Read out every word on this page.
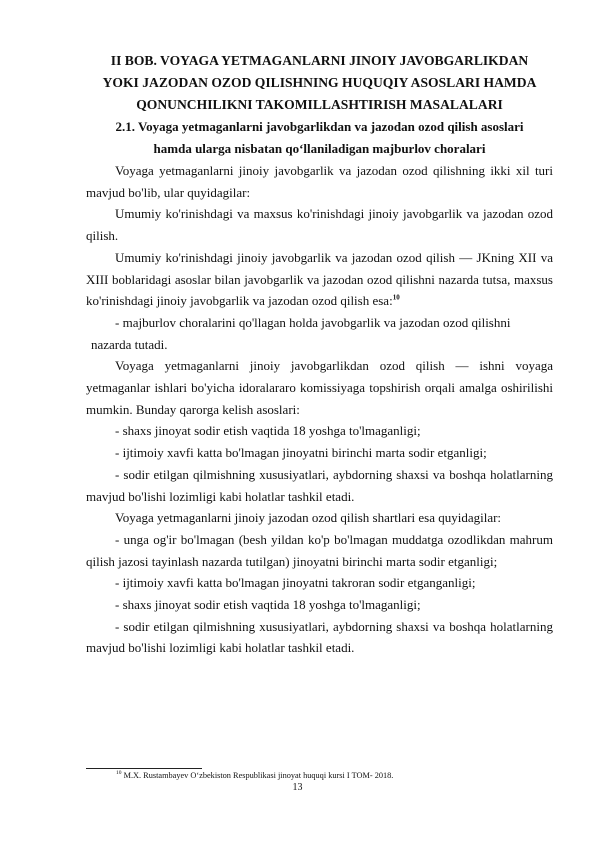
II BOB. VOYAGA YETMAGANLARNI JINOIY JAVOBGARLIKDAN
YOKI JAZODAN OZOD QILISHNING HUQUQIY ASOSLARI HAMDA
QONUNCHILIKNI TAKOMILLASHTIRISH MASALALARI
2.1. Voyaga yetmaganlarni javobgarlikdan va jazodan ozod qilish asoslari
hamda ularga nisbatan qo‘llaniladigan majburlov choralari

Voyaga yetmaganlarni jinoiy javobgarlik va jazodan ozod qilishning ikki xil turi mavjud bo'lib, ular quyidagilar:

Umumiy ko'rinishdagi va maxsus ko'rinishdagi jinoiy javobgarlik va jazodan ozod qilish.

Umumiy ko'rinishdagi jinoiy javobgarlik va jazodan ozod qilish — JKning XII va XIII boblaridagi asoslar bilan javobgarlik va jazodan ozod qilishni nazarda tutsa, maxsus ko'rinishdagi jinoiy javobgarlik va jazodan ozod qilish esa:$^{10}$

- majburlov choralarini qo'llagan holda javobgarlik va jazodan ozod qilishni

nazarda tutadi.

Voyaga yetmaganlarni jinoiy javobgarlikdan ozod qilish — ishni voyaga yetmaganlar ishlari bo'yicha idoralararo komissiyaga topshirish orqali amalga oshirilishi mumkin. Bunday qarorga kelish asoslari:

- shaxs jinoyat sodir etish vaqtida 18 yoshga to'lmaganligi;

- ijtimoiy xavfi katta bo'lmagan jinoyatni birinchi marta sodir etganligi;

- sodir etilgan qilmishning xususiyatlari, aybdorning shaxsi va boshqa holatlarning mavjud bo'lishi lozimligi kabi holatlar tashkil etadi.

Voyaga yetmaganlarni jinoiy jazodan ozod qilish shartlari esa quyidagilar:

- unga og'ir bo'lmagan (besh yildan ko'p bo'lmagan muddatga ozodlikdan mahrum qilish jazosi tayinlash nazarda tutilgan) jinoyatni birinchi marta sodir etganligi;

- ijtimoiy xavfi katta bo'lmagan jinoyatni takroran sodir etganganligi;

- shaxs jinoyat sodir etish vaqtida 18 yoshga to'lmaganligi;

- sodir etilgan qilmishning xususiyatlari, aybdorning shaxsi va boshqa holatlarning mavjud bo'lishi lozimligi kabi holatlar tashkil etadi.

$^{10}$ M.X. Rustambayev O‘zbekiston Respublikasi jinoyat huquqi kursi I TOM- 2018.
13
